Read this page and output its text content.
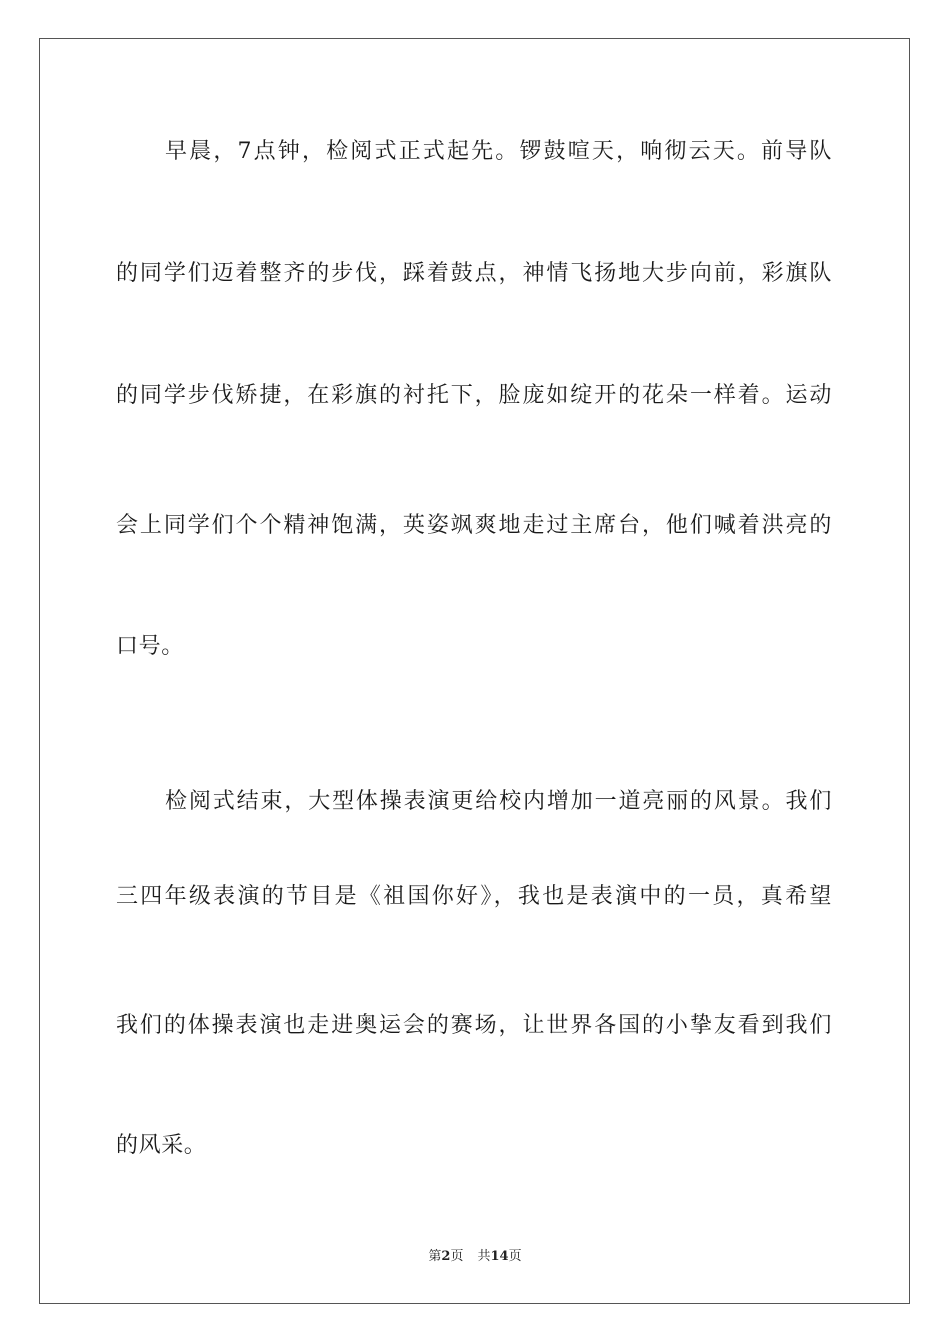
早晨，7点钟，检阅式正式起先。锣鼓喧天，响彻云天。前导队
的同学们迈着整齐的步伐，踩着鼓点，神情飞扬地大步向前，彩旗队
的同学步伐矫捷，在彩旗的衬托下，脸庞如绽开的花朵一样着。运动
会上同学们个个精神饱满，英姿飒爽地走过主席台，他们喊着洪亮的
口号。
检阅式结束，大型体操表演更给校内增加一道亮丽的风景。我们
三四年级表演的节目是《祖国你好》，我也是表演中的一员，真希望
我们的体操表演也走进奥运会的赛场，让世界各国的小挚友看到我们
的风采。
第2页 共14页
